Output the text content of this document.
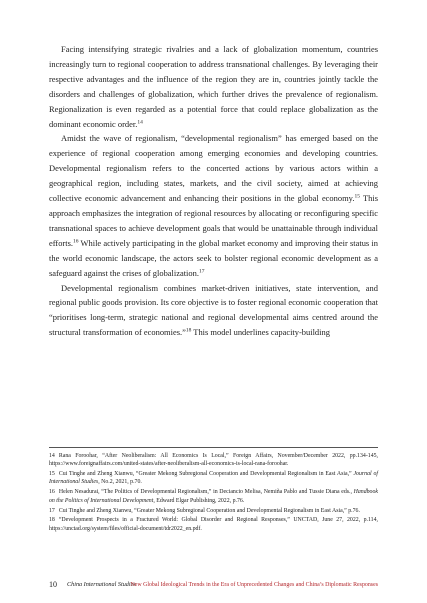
Facing intensifying strategic rivalries and a lack of globalization momentum, countries increasingly turn to regional cooperation to address transnational challenges. By leveraging their respective advantages and the influence of the region they are in, countries jointly tackle the disorders and challenges of globalization, which further drives the prevalence of regionalism. Regionalization is even regarded as a potential force that could replace globalization as the dominant economic order.$^{14}$

Amidst the wave of regionalism, “developmental regionalism” has emerged based on the experience of regional cooperation among emerging economies and developing countries. Developmental regionalism refers to the concerted actions by various actors within a geographical region, including states, markets, and the civil society, aimed at achieving collective economic advancement and enhancing their positions in the global economy.$^{15}$ This approach emphasizes the integration of regional resources by allocating or reconfiguring specific transnational spaces to achieve development goals that would be unattainable through individual efforts.$^{16}$ While actively participating in the global market economy and improving their status in the world economic landscape, the actors seek to bolster regional economic development as a safeguard against the crises of globalization.$^{17}$

Developmental regionalism combines market-driven initiatives, state intervention, and regional public goods provision. Its core objective is to foster regional economic cooperation that “prioritises long-term, strategic national and regional developmental aims centred around the structural transformation of economies.”$^{18}$ This model underlines capacity-building

14 Rana Foroohar, “After Neoliberalism: All Economics Is Local,” Foreign Affairs, November/December 2022, pp.134-145, https://www.foreignaffairs.com/united-states/after-neoliberalism-all-economics-is-local-rana-foroohar.

15 Cui Tinghe and Zheng Xianwu, “Greater Mekong Subregional Cooperation and Developmental Regionalism in East Asia,” Journal of International Studies, No.2, 2021, p.70.

16 Helen Nesadurai, “The Politics of Developmental Regionalism,” in Deciancio Melisa, Nemiña Pablo and Tussie Diana eds., Handbook on the Politics of International Development, Edward Elgar Publishing, 2022, p.76.

17 Cui Tinghe and Zheng Xianwu, “Greater Mekong Subregional Cooperation and Developmental Regionalism in East Asia,” p.76.

18 “Development Prospects in a Fractured World: Global Disorder and Regional Responses,” UNCTAD, June 27, 2022, p.114, https://unctad.org/system/files/official-document/tdr2022_en.pdf.

10 China International Studies
New Global Ideological Trends in the Era of Unprecedented Changes and China’s Diplomatic Responses
